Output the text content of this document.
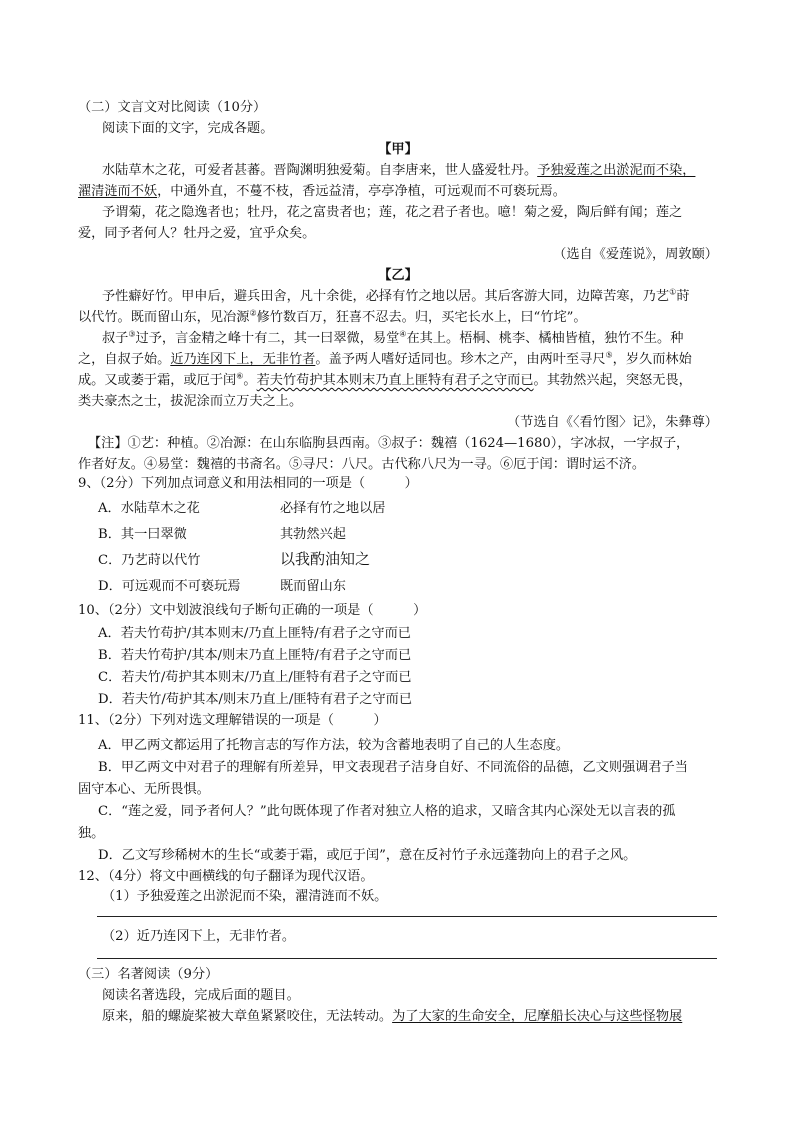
（二）文言文对比阅读（10分）
阅读下面的文字，完成各题。
【甲】
水陆草木之花，可爱者甚蕃。晋陶渊明独爱菊。自李唐来，世人盛爱牡丹。予独爱莲之出淤泥而不染，
濯清涟而不妖，中通外直，不蔓不枝，香远益清，亭亭净植，可远观而不可亵玩焉。
予谓菊，花之隐逸者也；牡丹，花之富贵者也；莲，花之君子者也。噫！菊之爱，陶后鲜有闻；莲之
爱，同予者何人？牡丹之爱，宜乎众矣。
（选自《爱莲说》，周敦颐）
【乙】
予性癖好竹。甲申后，避兵田舍，凡十余徙，必择有竹之地以居。其后客游大同，边障苦寒，乃艺①莳
以代竹。既而留山东，见冶源②修竹数百万，狂喜不忍去。归，买宅长水上，曰“竹垞”。
叔子③过予，言金精之峰十有二，其一曰翠微，易堂④在其上。梧桐、桃李、橘柚皆植，独竹不生。种
之，自叔子始。近乃连冈下上，无非竹者。盖予两人嗜好适同也。珍木之产，由两叶至寻尺⑤，岁久而林始
成。又或萎于霜，或厄于闰⑥。若夫竹苟护其本则末乃直上匪特有君子之守而已。其勃然兴起，突怒无畏，
类夫豪杰之士，拔泥涂而立万夫之上。
（节选自《〈看竹图〉记》，朱彝尊）
【注】①艺：种植。②冶源：在山东临朐县西南。③叔子：魏禧（1624—1680），字冰叔，一字叔子，
作者好友。④易堂：魏禧的书斋名。⑤寻尺：八尺。古代称八尺为一寻。⑥厄于闰：谓时运不济。
9、（2分）下列加点词意义和用法相同的一项是（　　　）
A．水陆草木之花	必择有竹之地以居
B．其一曰翠微	其勃然兴起
C．乃艺莳以代竹	以我酌油知之
D．可远观而不可亵玩焉	既而留山东
10、（2分）文中划波浪线句子断句正确的一项是（　　　）
A．若夫竹苟护/其本则末/乃直上匪特/有君子之守而已
B．若夫竹苟护/其本/则末乃直上匪特/有君子之守而已
C．若夫竹/苟护其本则末/乃直上/匪特有君子之守而已
D．若夫竹/苟护其本/则末乃直上/匪特有君子之守而已
11、（2分）下列对选文理解错误的一项是（　　　）
A．甲乙两文都运用了托物言志的写作方法，较为含蓄地表明了自己的人生态度。
B．甲乙两文中对君子的理解有所差异，甲文表现君子洁身自好、不同流俗的品德，乙文则强调君子当
固守本心、无所畏惧。
C．“莲之爱，同予者何人？”此句既体现了作者对独立人格的追求，又暗含其内心深处无以言表的孤
独。
D．乙文写珍稀树木的生长“或萎于霜，或厄于闰”，意在反衬竹子永远蓬勃向上的君子之风。
12、（4分）将文中画横线的句子翻译为现代汉语。
（1）予独爱莲之出淤泥而不染，濯清涟而不妖。
（2）近乃连冈下上，无非竹者。
（三）名著阅读（9分）
阅读名著选段，完成后面的题目。
原来，船的螺旋桨被大章鱼紧紧咬住，无法转动。为了大家的生命安全，尼摩船长决心与这些怪物展
